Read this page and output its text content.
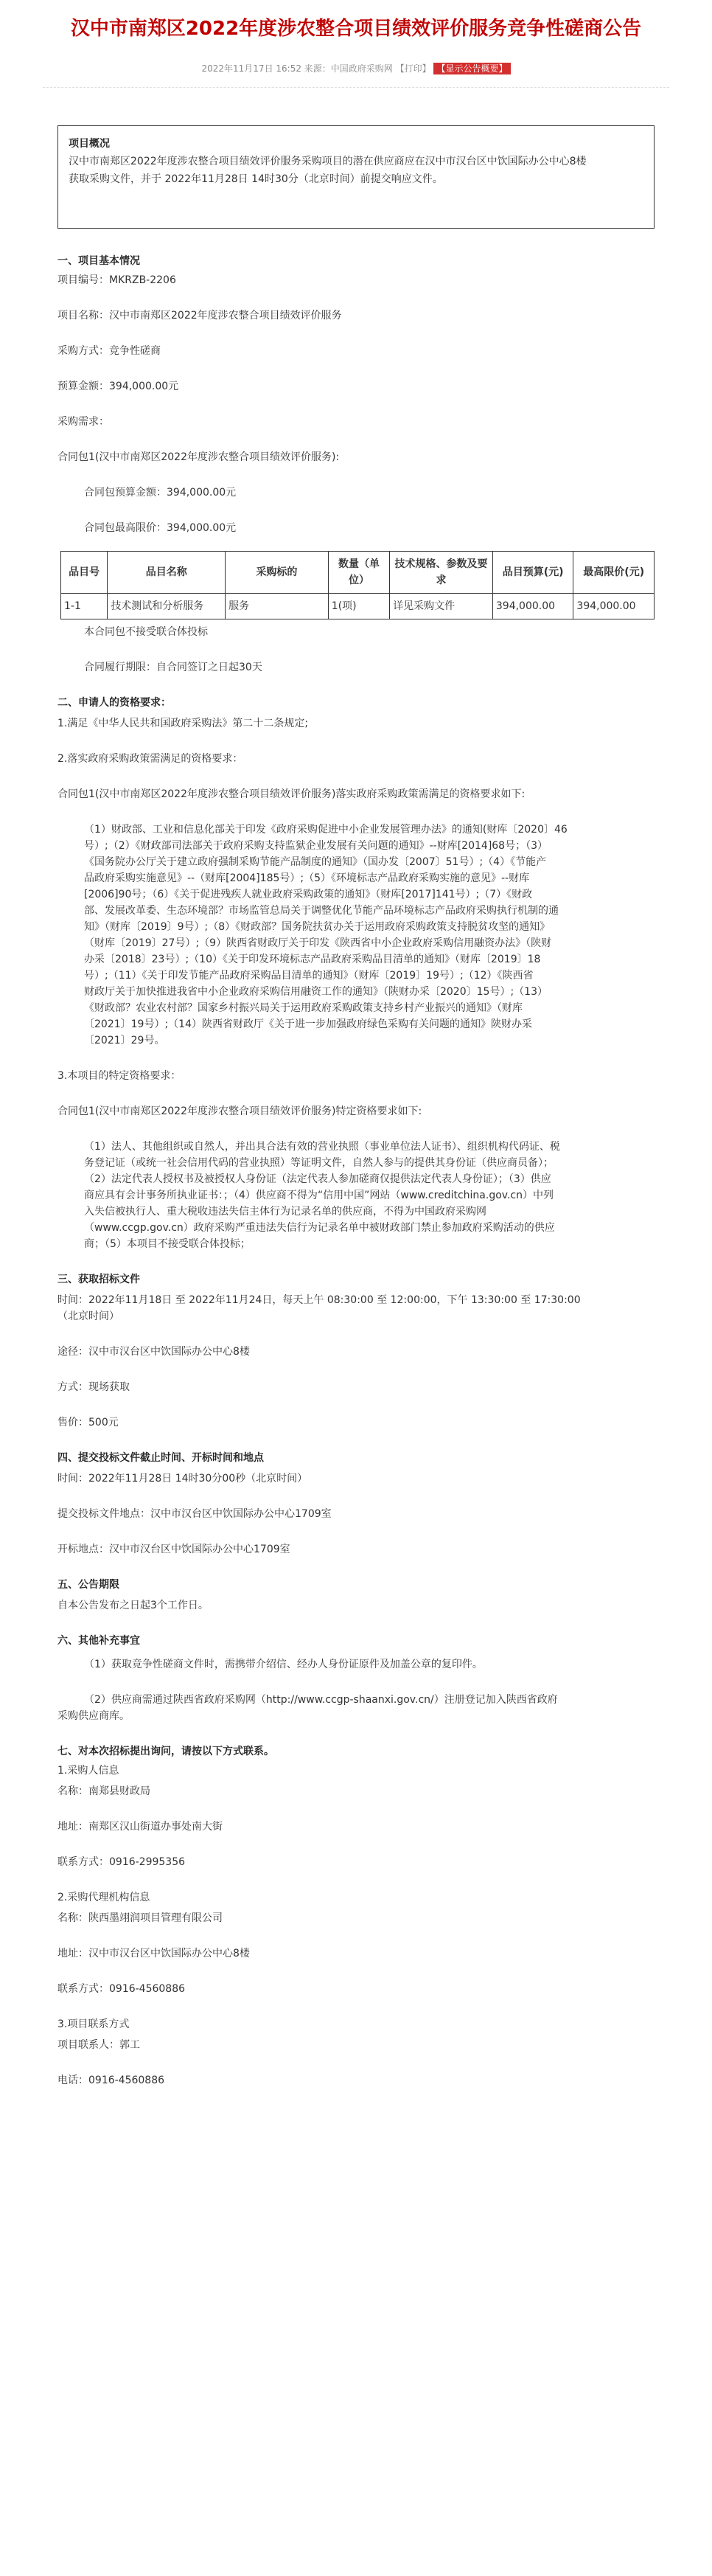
汉中市南郑区2022年度涉农整合项目绩效评价服务竞争性磋商公告
2022年11月17日 16:52 来源：中国政府采购网 【打印】 【显示公告概要】
项目概况
汉中市南郑区2022年度涉农整合项目绩效评价服务采购项目的潜在供应商应在汉中市汉台区中饮国际办公中心8楼
获取采购文件，并于 2022年11月28日 14时30分（北京时间）前提交响应文件。

一、项目基本情况

项目编号：MKRZB-2206

项目名称：汉中市南郑区2022年度涉农整合项目绩效评价服务

采购方式：竞争性磋商

预算金额：394,000.00元

采购需求：

合同包1(汉中市南郑区2022年度涉农整合项目绩效评价服务):

合同包预算金额：394,000.00元

合同包最高限价：394,000.00元

品目号	品目名称	采购标的	数量（单位）	技术规格、参数及要求	品目预算(元)	最高限价(元)
1-1	技术测试和分析服务	服务	1(项)	详见采购文件	394,000.00	394,000.00

本合同包不接受联合体投标

合同履行期限：自合同签订之日起30天

二、申请人的资格要求：

1.满足《中华人民共和国政府采购法》第二十二条规定;

2.落实政府采购政策需满足的资格要求：

合同包1(汉中市南郑区2022年度涉农整合项目绩效评价服务)落实政府采购政策需满足的资格要求如下:

（1）财政部、工业和信息化部关于印发《政府采购促进中小企业发展管理办法》的通知(财库〔2020〕46

号）;（2）《财政部司法部关于政府采购支持监狱企业发展有关问题的通知》--财库[2014]68号；（3）

《国务院办公厅关于建立政府强制采购节能产品制度的通知》（国办发〔2007〕51号）;（4）《节能产

品政府采购实施意见》--（财库[2004]185号）;（5）《环境标志产品政府采购实施的意见》--财库

[2006]90号；（6）《关于促进残疾人就业政府采购政策的通知》（财库[2017]141号）;（7）《财政

部、发展改革委、生态环境部？市场监管总局关于调整优化节能产品环境标志产品政府采购执行机制的通

知》（财库〔2019〕9号）;（8）《财政部？国务院扶贫办关于运用政府采购政策支持脱贫攻坚的通知》

（财库〔2019〕27号）;（9）陕西省财政厅关于印发《陕西省中小企业政府采购信用融资办法》（陕财

办采〔2018〕23号）;（10）《关于印发环境标志产品政府采购品目清单的通知》（财库〔2019〕18

号）;（11）《关于印发节能产品政府采购品目清单的通知》（财库〔2019〕19号）;（12）《陕西省

财政厅关于加快推进我省中小企业政府采购信用融资工作的通知》（陕财办采〔2020〕15号）;（13）

《财政部？农业农村部？国家乡村振兴局关于运用政府采购政策支持乡村产业振兴的通知》（财库

〔2021〕19号）;（14）陕西省财政厅《关于进一步加强政府绿色采购有关问题的通知》陕财办采

〔2021〕29号。

3.本项目的特定资格要求：

合同包1(汉中市南郑区2022年度涉农整合项目绩效评价服务)特定资格要求如下:

（1）法人、其他组织或自然人，并出具合法有效的营业执照（事业单位法人证书）、组织机构代码证、税

务登记证（或统一社会信用代码的营业执照）等证明文件，自然人参与的提供其身份证（供应商员备）；

（2）法定代表人授权书及被授权人身份证（法定代表人参加磋商仅提供法定代表人身份证）；（3）供应

商应具有会计事务所执业证书：；（4）供应商不得为“信用中国”网站（www.creditchina.gov.cn）中列

入失信被执行人、重大税收违法失信主体行为记录名单的供应商，不得为中国政府采购网

（www.ccgp.gov.cn）政府采购严重违法失信行为记录名单中被财政部门禁止参加政府采购活动的供应

商；（5）本项目不接受联合体投标；

三、获取招标文件

时间：2022年11月18日 至 2022年11月24日，每天上午 08:30:00 至 12:00:00，下午 13:30:00 至 17:30:00

（北京时间）

途径：汉中市汉台区中饮国际办公中心8楼

方式：现场获取

售价：500元

四、提交投标文件截止时间、开标时间和地点

时间：2022年11月28日 14时30分00秒（北京时间）

提交投标文件地点：汉中市汉台区中饮国际办公中心1709室

开标地点：汉中市汉台区中饮国际办公中心1709室

五、公告期限

自本公告发布之日起3个工作日。

六、其他补充事宜

（1）获取竞争性磋商文件时，需携带介绍信、经办人身份证原件及加盖公章的复印件。

（2）供应商需通过陕西省政府采购网（http://www.ccgp-shaanxi.gov.cn/）注册登记加入陕西省政府

采购供应商库。

七、对本次招标提出询问，请按以下方式联系。

1.采购人信息

名称：南郑县财政局

地址：南郑区汉山街道办事处南大街

联系方式：0916-2995356

2.采购代理机构信息

名称：陕西墨翊润项目管理有限公司

地址：汉中市汉台区中饮国际办公中心8楼

联系方式：0916-4560886

3.项目联系方式

项目联系人：郭工

电话：0916-4560886
